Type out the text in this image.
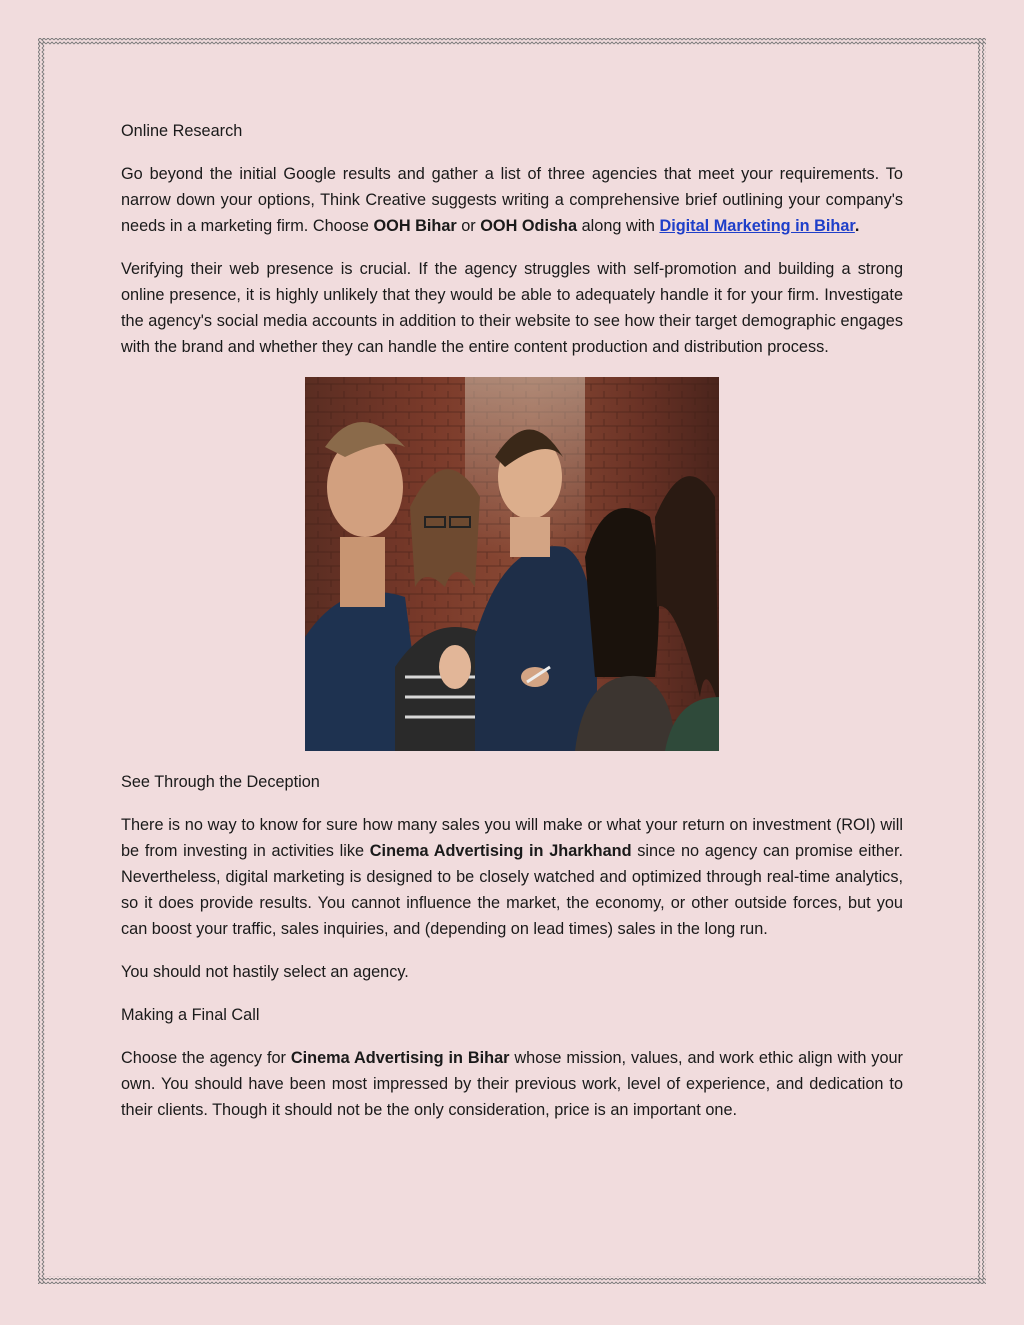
Online Research

Go beyond the initial Google results and gather a list of three agencies that meet your requirements. To narrow down your options, Think Creative suggests writing a comprehensive brief outlining your company's needs in a marketing firm. Choose OOH Bihar or OOH Odisha along with Digital Marketing in Bihar.

Verifying their web presence is crucial. If the agency struggles with self-promotion and building a strong online presence, it is highly unlikely that they would be able to adequately handle it for your firm. Investigate the agency's social media accounts in addition to their website to see how their target demographic engages with the brand and whether they can handle the entire content production and distribution process.

See Through the Deception

There is no way to know for sure how many sales you will make or what your return on investment (ROI) will be from investing in activities like Cinema Advertising in Jharkhand since no agency can promise either. Nevertheless, digital marketing is designed to be closely watched and optimized through real-time analytics, so it does provide results. You cannot influence the market, the economy, or other outside forces, but you can boost your traffic, sales inquiries, and (depending on lead times) sales in the long run.

You should not hastily select an agency.

Making a Final Call

Choose the agency for Cinema Advertising in Bihar whose mission, values, and work ethic align with your own. You should have been most impressed by their previous work, level of experience, and dedication to their clients. Though it should not be the only consideration, price is an important one.
